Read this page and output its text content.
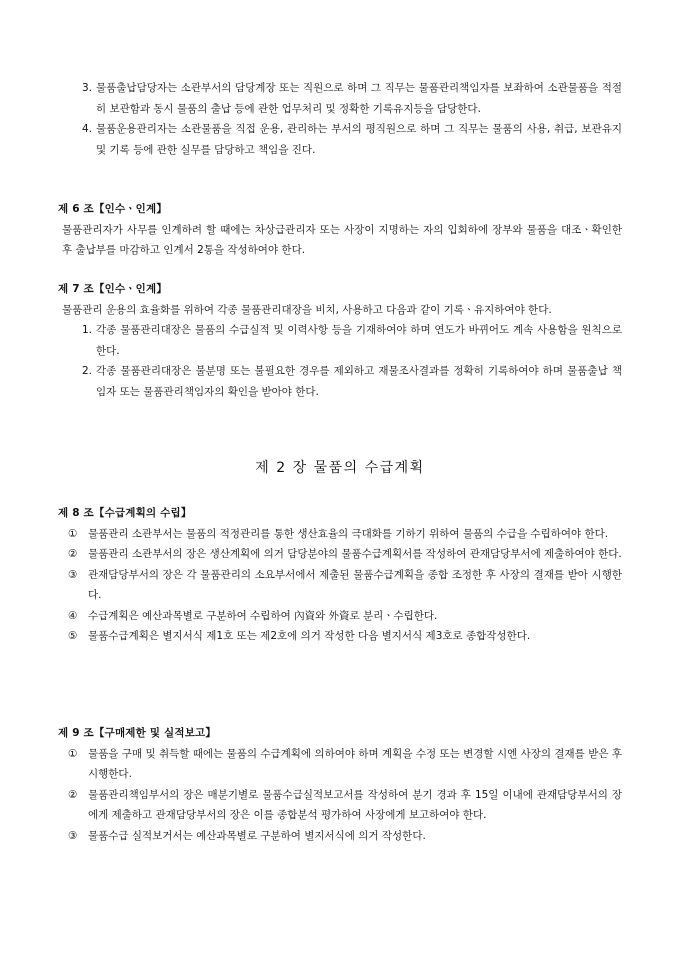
3. 물품출납담당자는 소관부서의 담당계장 또는 직원으로 하며 그 직무는 물품관리책임자를 보좌하여 소관물품을 적절히 보관함과 동시 물품의 출납 등에 관한 업무처리 및 정확한 기록유지등을 담당한다.
4. 물품운용관리자는 소관물품을 직접 운용, 관리하는 부서의 평직원으로 하며 그 직무는 물품의 사용, 취급, 보관유지 및 기록 등에 관한 실무를 담당하고 책임을 진다.
제 6 조【인수ㆍ인계】
물품관리자가 사무를 인계하려 할 때에는 차상급관리자 또는 사장이 지명하는 자의 입회하에 장부와 물품을 대조ㆍ확인한 후 출납부를 마감하고 인계서 2통을 작성하여야 한다.
제 7 조【인수ㆍ인계】
물품관리 운용의 효율화를 위하여 각종 물품관리대장을 비치, 사용하고 다음과 같이 기록ㆍ유지하여야 한다.
1. 각종 물품관리대장은 물품의 수급실적 및 이력사항 등을 기재하여야 하며 연도가 바뀌어도 계속 사용함을 원칙으로 한다.
2. 각종 물품관리대장은 불분명 또는 불필요한 경우를 제외하고 재물조사결과를 정확히 기록하여야 하며 물품출납 책임자 또는 물품관리책임자의 확인을 받아야 한다.
제 2 장 물품의 수급계획
제 8 조【수급계획의 수립】
① 물품관리 소관부서는 물품의 적정관리를 통한 생산효율의 극대화를 기하기 위하여 물품의 수급을 수립하여야 한다.
② 물품관리 소관부서의 장은 생산계획에 의거 담당분야의 물품수급계획서를 작성하여 관재담당부서에 제출하여야 한다.
③ 관재담당부서의 장은 각 물품관리의 소요부서에서 제출된 물품수급계획을 종합 조정한 후 사장의 결재를 받아 시행한다.
④ 수급계획은 예산과목별로 구분하여 수립하여 內資와 外資로 분리ㆍ수립한다.
⑤ 물품수급계획은 별지서식 제1호 또는 제2호에 의거 작성한 다음 별지서식 제3호로 종합작성한다.
제 9 조【구매제한 및 실적보고】
① 물품을 구매 및 취득할 때에는 물품의 수급계획에 의하여야 하며 계획을 수정 또는 변경할 시엔 사장의 결재를 받은 후 시행한다.
② 물품관리책임부서의 장은 매분기별로 물품수급실적보고서를 작성하여 분기 경과 후 15일 이내에 관재담당부서의 장에게 제출하고 관재담당부서의 장은 이를 종합분석 평가하여 사장에게 보고하여야 한다.
③ 물품수급 실적보거서는 예산과목별로 구분하여 별지서식에 의거 작성한다.
